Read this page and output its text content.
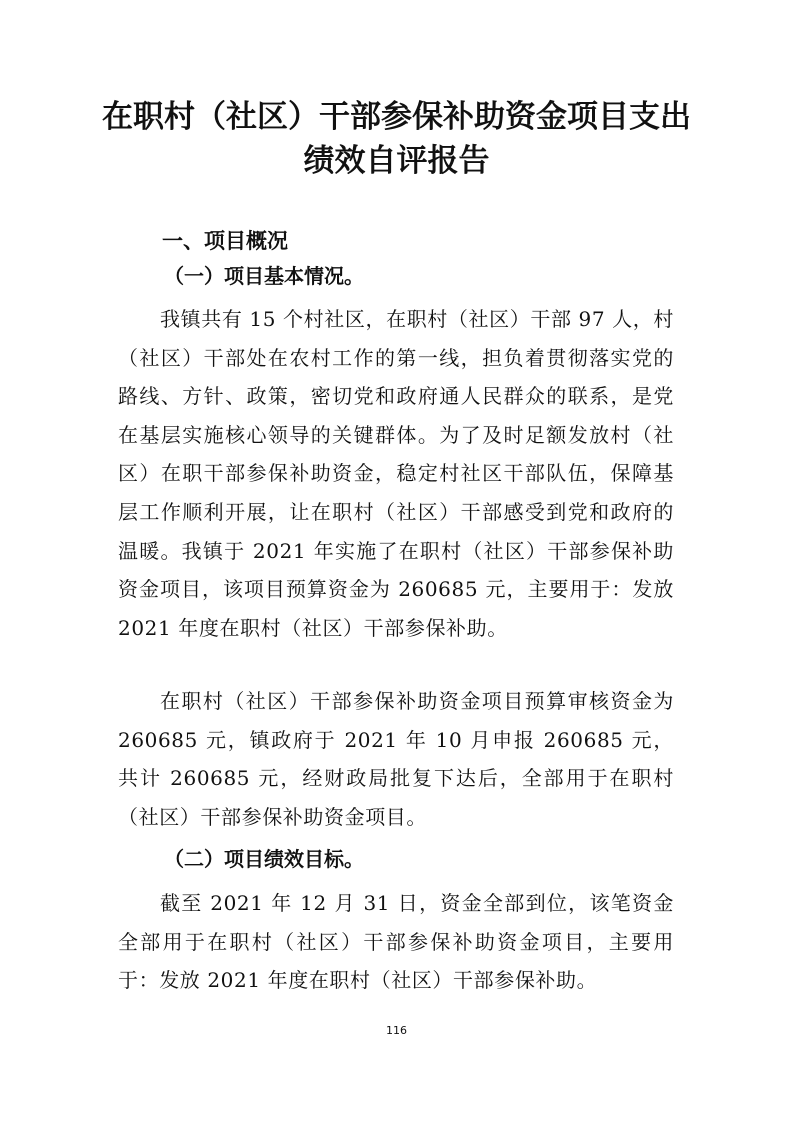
在职村（社区）干部参保补助资金项目支出
绩效自评报告
一、项目概况
（一）项目基本情况。

我镇共有 15 个村社区，在职村（社区）干部 97 人，村（社区）干部处在农村工作的第一线，担负着贯彻落实党的路线、方针、政策，密切党和政府通人民群众的联系，是党在基层实施核心领导的关键群体。为了及时足额发放村（社区）在职干部参保补助资金，稳定村社区干部队伍，保障基层工作顺利开展，让在职村（社区）干部感受到党和政府的温暖。我镇于 2021 年实施了在职村（社区）干部参保补助资金项目，该项目预算资金为 260685 元，主要用于：发放 2021 年度在职村（社区）干部参保补助。

在职村（社区）干部参保补助资金项目预算审核资金为 260685 元，镇政府于 2021 年 10 月申报 260685 元，共计 260685 元，经财政局批复下达后，全部用于在职村（社区）干部参保补助资金项目。

（二）项目绩效目标。

截至 2021 年 12 月 31 日，资金全部到位，该笔资金全部用于在职村（社区）干部参保补助资金项目，主要用于：发放 2021 年度在职村（社区）干部参保补助。

116
